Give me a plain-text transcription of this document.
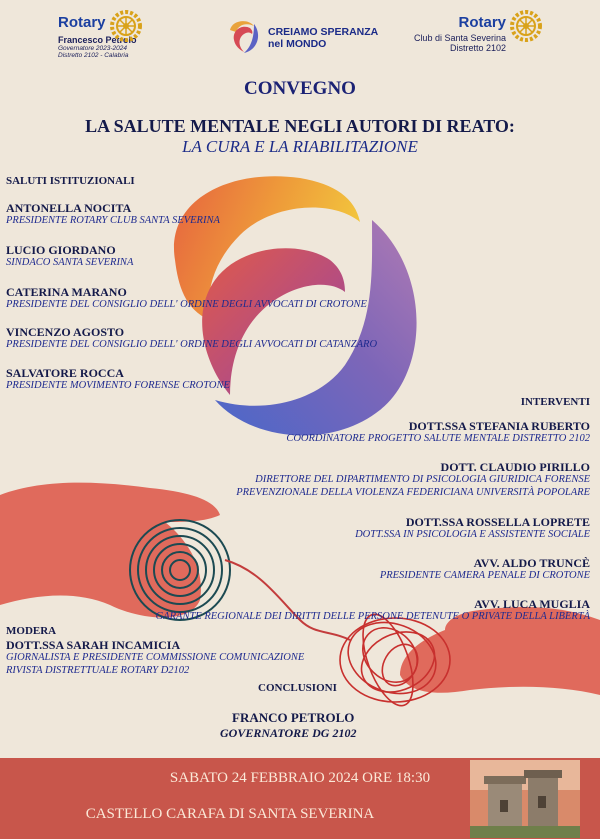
Rotary
Francesco Petrolo
Governatore 2023-2024
Distretto 2102 - Calabria
CREIAMO SPERANZA
nel MONDO
Rotary
Club di Santa Severina
Distretto 2102
CONVEGNO
LA SALUTE MENTALE NEGLI AUTORI DI REATO:
LA CURA E LA RIABILITAZIONE
SALUTI ISTITUZIONALI
ANTONELLA NOCITA
PRESIDENTE ROTARY CLUB SANTA SEVERINA
LUCIO GIORDANO
SINDACO SANTA SEVERINA
CATERINA MARANO
PRESIDENTE DEL CONSIGLIO DELL' ORDINE DEGLI AVVOCATI DI CROTONE
VINCENZO AGOSTO
PRESIDENTE DEL CONSIGLIO DELL' ORDINE DEGLI AVVOCATI DI CATANZARO
SALVATORE ROCCA
PRESIDENTE MOVIMENTO FORENSE CROTONE
INTERVENTI
DOTT.SSA STEFANIA RUBERTO
COORDINATORE PROGETTO SALUTE MENTALE DISTRETTO 2102
DOTT. CLAUDIO PIRILLO
DIRETTORE DEL DIPARTIMENTO DI PSICOLOGIA GIURIDICA FORENSE
PREVENZIONALE DELLA VIOLENZA FEDERICIANA UNIVERSITÀ POPOLARE
DOTT.SSA ROSSELLA LOPRETE
DOTT.SSA IN PSICOLOGIA E ASSISTENTE SOCIALE
AVV. ALDO TRUNCÈ
PRESIDENTE CAMERA PENALE DI CROTONE
AVV. LUCA MUGLIA
GARANTE REGIONALE DEI DIRITTI DELLE PERSONE DETENUTE O PRIVATE DELLA LIBERTÀ
MODERA
DOTT.SSA SARAH INCAMICIA
GIORNALISTA E PRESIDENTE COMMISSIONE COMUNICAZIONE
RIVISTA DISTRETTUALE ROTARY D2102
CONCLUSIONI
FRANCO PETROLO
GOVERNATORE DG 2102
SABATO 24 FEBBRAIO 2024 ORE 18:30
CASTELLO CARAFA DI SANTA SEVERINA
